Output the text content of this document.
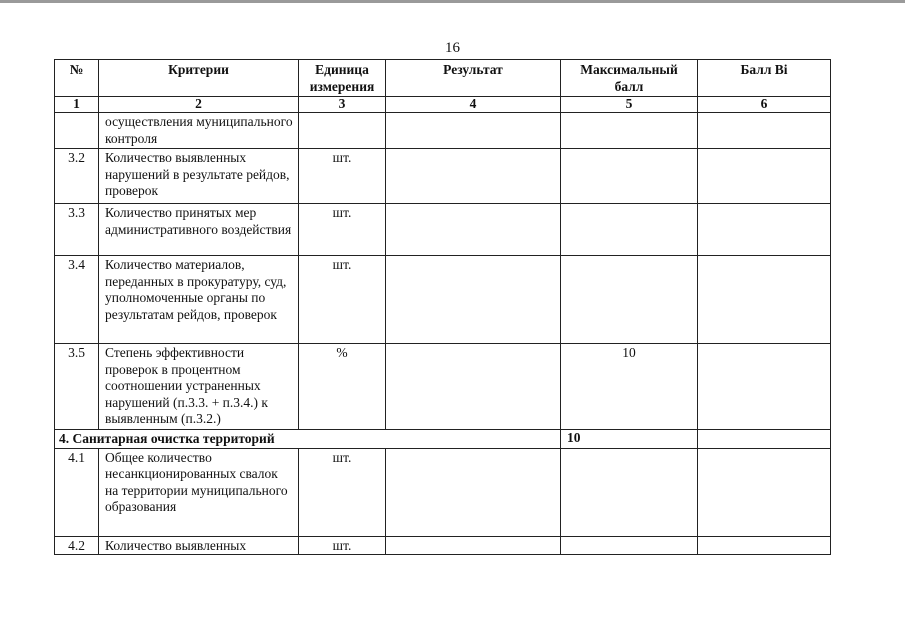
16
№	Критерии	Единица измерения	Результат	Максимальный балл	Балл Bi
1	2	3	4	5	6
	осуществления муниципального контроля				
3.2	Количество выявленных нарушений в результате рейдов, проверок	шт.			
3.3	Количество принятых мер административного воздействия	шт.			
3.4	Количество материалов, переданных в прокуратуру, суд, уполномоченные органы по результатам рейдов, проверок	шт.			
3.5	Степень эффективности проверок в процентном соотношении устраненных нарушений (п.3.3. + п.3.4.) к выявленным (п.3.2.)	%		10	
4. Санитарная очистка территорий				10	
4.1	Общее количество несанкционированных свалок на территории муниципального образования	шт.			
4.2	Количество выявленных	шт.			
